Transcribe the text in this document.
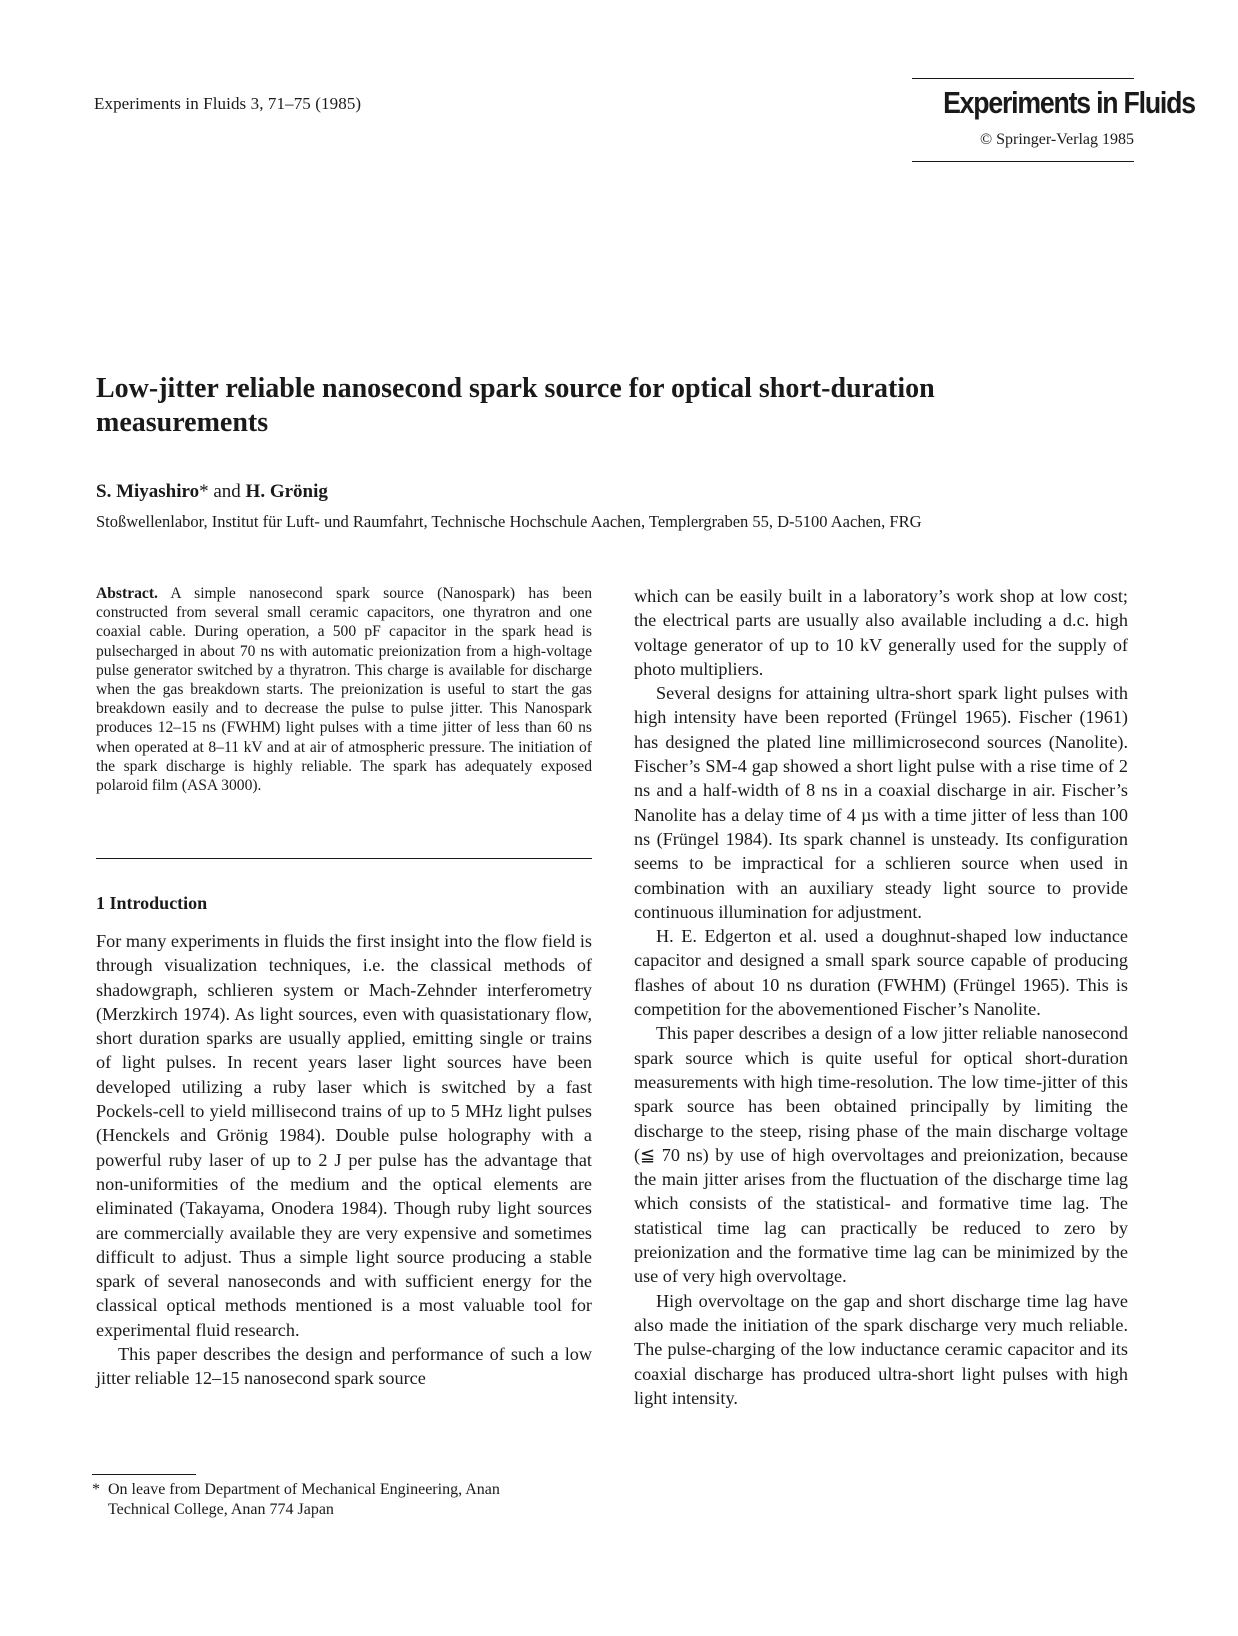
Experiments in Fluids 3, 71–75 (1985)	Experiments in Fluids
© Springer-Verlag 1985
Low-jitter reliable nanosecond spark source for optical short-duration measurements
S. Miyashiro* and H. Grönig
Stoßwellenlabor, Institut für Luft- und Raumfahrt, Technische Hochschule Aachen, Templergraben 55, D-5100 Aachen, FRG
Abstract. A simple nanosecond spark source (Nanospark) has been constructed from several small ceramic capacitors, one thyratron and one coaxial cable. During operation, a 500 pF capacitor in the spark head is pulsecharged in about 70 ns with automatic preionization from a high-voltage pulse generator switched by a thyratron. This charge is available for discharge when the gas breakdown starts. The preionization is useful to start the gas breakdown easily and to decrease the pulse to pulse jitter. This Nanospark produces 12–15 ns (FWHM) light pulses with a time jitter of less than 60 ns when operated at 8–11 kV and at air of atmospheric pressure. The initiation of the spark discharge is highly reliable. The spark has adequately exposed polaroid film (ASA 3000).
1 Introduction

For many experiments in fluids the first insight into the flow field is through visualization techniques, i.e. the classical methods of shadowgraph, schlieren system or Mach-Zehnder interferometry (Merzkirch 1974). As light sources, even with quasistationary flow, short duration sparks are usually applied, emitting single or trains of light pulses. In recent years laser light sources have been developed utilizing a ruby laser which is switched by a fast Pockels-cell to yield millisecond trains of up to 5 MHz light pulses (Henckels and Grönig 1984). Double pulse holography with a powerful ruby laser of up to 2 J per pulse has the advantage that non-uniformities of the medium and the optical elements are eliminated (Takayama, Onodera 1984). Though ruby light sources are commercially available they are very expensive and sometimes difficult to adjust. Thus a simple light source producing a stable spark of several nanoseconds and with sufficient energy for the classical optical methods mentioned is a most valuable tool for experimental fluid research.

This paper describes the design and performance of such a low jitter reliable 12–15 nanosecond spark source

* On leave from Department of Mechanical Engineering, Anan
Technical College, Anan 774 Japan

which can be easily built in a laboratory’s work shop at low cost; the electrical parts are usually also available including a d.c. high voltage generator of up to 10 kV generally used for the supply of photo multipliers.

Several designs for attaining ultra-short spark light pulses with high intensity have been reported (Früngel 1965). Fischer (1961) has designed the plated line millimicrosecond sources (Nanolite). Fischer’s SM-4 gap showed a short light pulse with a rise time of 2 ns and a half-width of 8 ns in a coaxial discharge in air. Fischer’s Nanolite has a delay time of 4 µs with a time jitter of less than 100 ns (Früngel 1984). Its spark channel is unsteady. Its configuration seems to be impractical for a schlieren source when used in combination with an auxiliary steady light source to provide continuous illumination for adjustment.

H. E. Edgerton et al. used a doughnut-shaped low inductance capacitor and designed a small spark source capable of producing flashes of about 10 ns duration (FWHM) (Früngel 1965). This is competition for the abovementioned Fischer’s Nanolite.

This paper describes a design of a low jitter reliable nanosecond spark source which is quite useful for optical short-duration measurements with high time-resolution. The low time-jitter of this spark source has been obtained principally by limiting the discharge to the steep, rising phase of the main discharge voltage (≦ 70 ns) by use of high overvoltages and preionization, because the main jitter arises from the fluctuation of the discharge time lag which consists of the statistical- and formative time lag. The statistical time lag can practically be reduced to zero by preionization and the formative time lag can be minimized by the use of very high overvoltage.

High overvoltage on the gap and short discharge time lag have also made the initiation of the spark discharge very much reliable. The pulse-charging of the low inductance ceramic capacitor and its coaxial discharge has produced ultra-short light pulses with high light intensity.
